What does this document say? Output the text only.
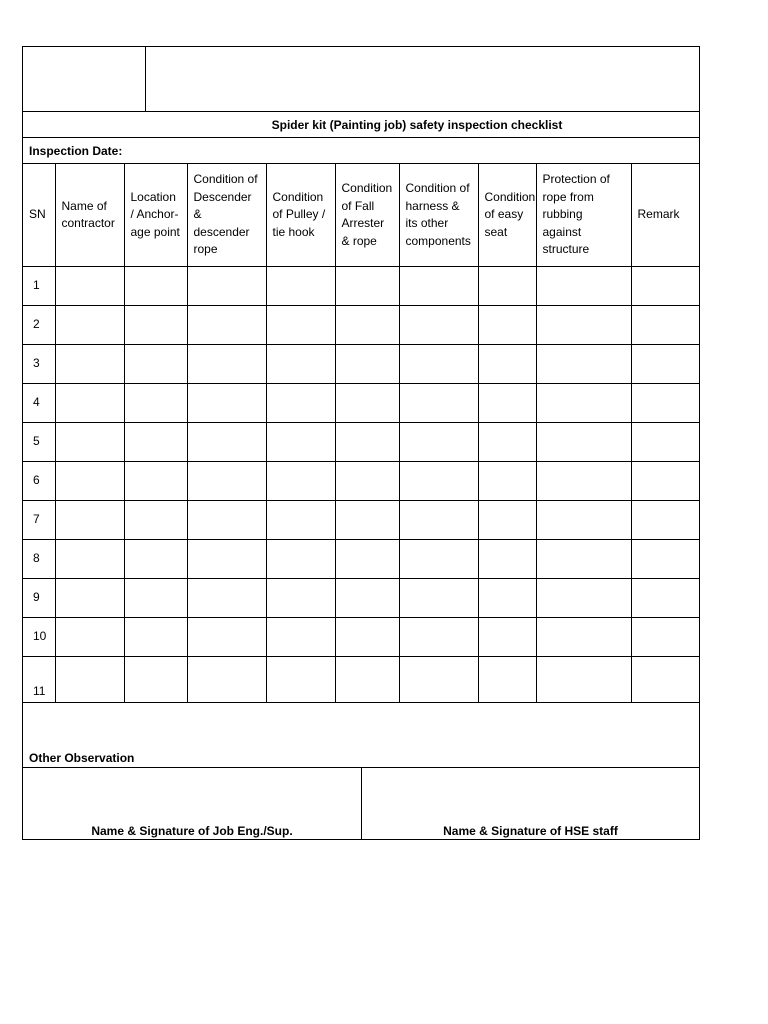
Spider kit (Painting job) safety inspection checklist
Inspection Date:
SN	Name of contractor	Location / Anchor-age point	Condition of Descender & descender rope	Condition of Pulley / tie hook	Condition of Fall Arrester & rope	Condition of harness & its other components	Condition of easy seat	Protection of rope from rubbing against structure	Remark
1									
2									
3									
4									
5									
6									
7									
8									
9									
10									
11									
Other Observation
Name & Signature of Job Eng./Sup.	Name & Signature of HSE staff
